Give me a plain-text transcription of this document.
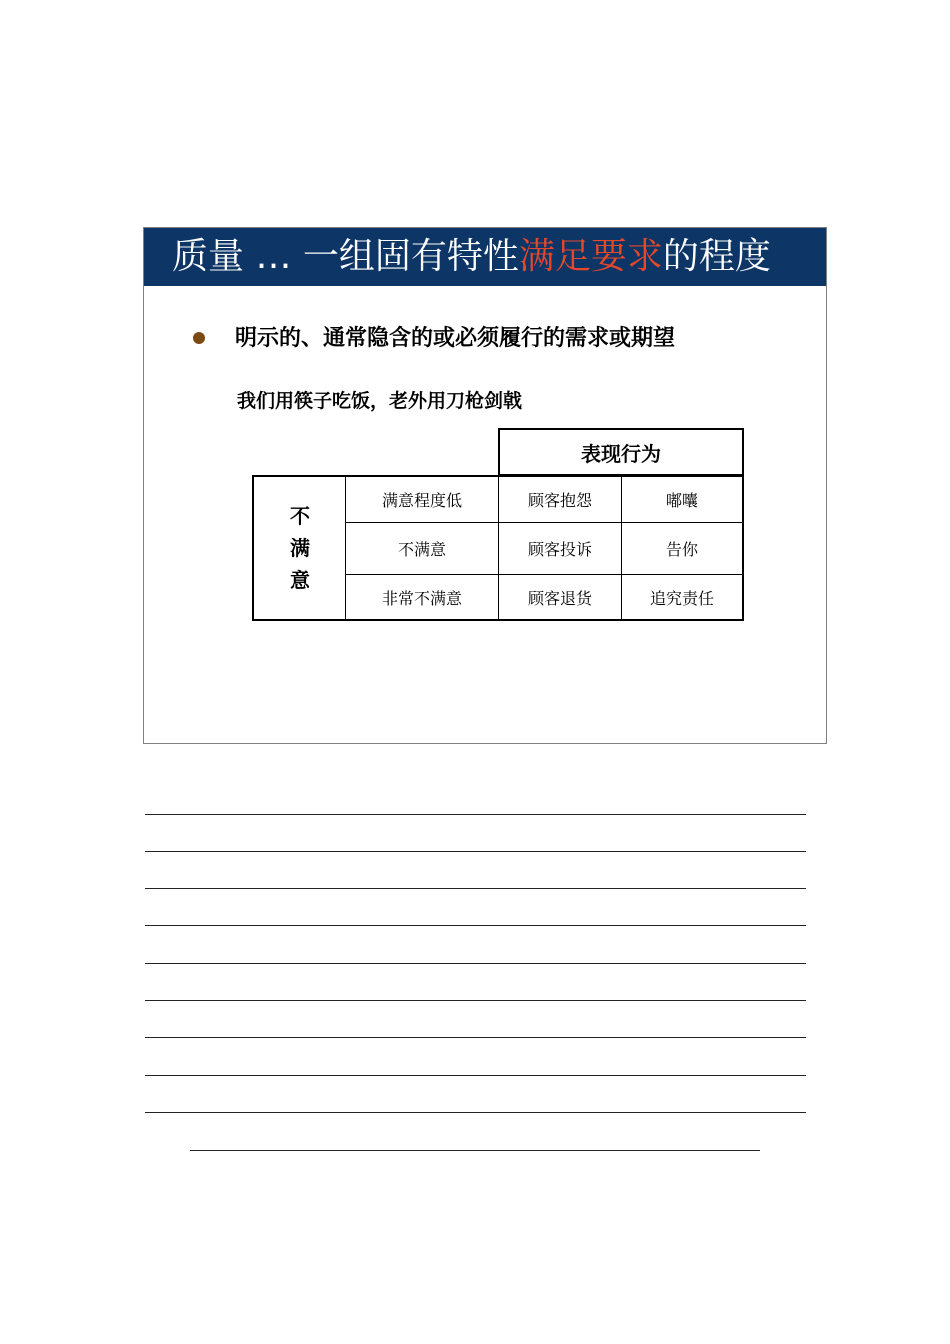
质量 … 一组固有特性满足要求的程度
明示的、通常隐含的或必须履行的需求或期望
我们用筷子吃饭，老外用刀枪剑戟
表现行为
不
满
意
满意程度低	顾客抱怨	嘟囔
不满意	顾客投诉	告你
非常不满意	顾客退货	追究责任
